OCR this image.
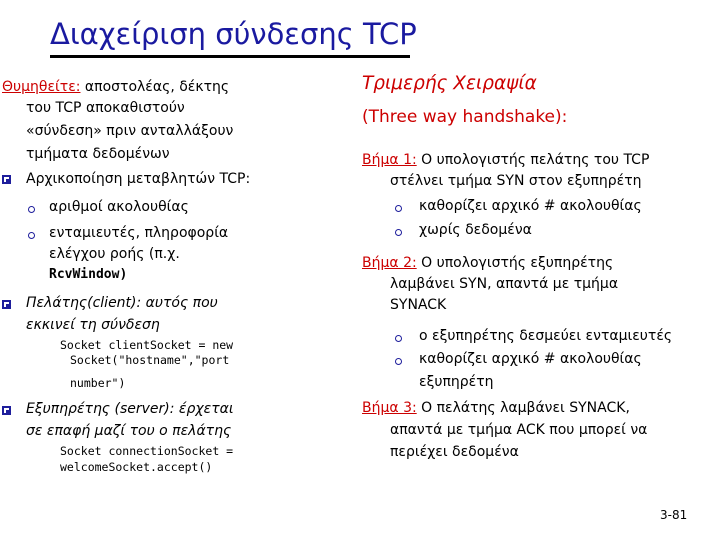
Διαχείριση σύνδεσης TCP
Θυμηθείτε: αποστολέας, δέκτης
του TCP αποκαθιστούν
«σύνδεση» πριν ανταλλάξουν
τμήματα δεδομένων
Αρχικοποίηση μεταβλητών TCP:
αριθμοί ακολουθίας
ενταμιευτές, πληροφορία
ελέγχου ροής (π.χ.
RcvWindow)
Πελάτης(client): αυτός που
εκκινεί τη σύνδεση
Socket clientSocket = new
Socket("hostname","port
number")
Εξυπηρέτης (server): έρχεται
σε επαφή μαζί του ο πελάτης
Socket connectionSocket =
welcomeSocket.accept()
Τριμερής Χειραψία
(Three way handshake):
Βήμα 1: O υπολογιστής πελάτης του TCP
στέλνει τμήμα SYN στον εξυπηρέτη
καθορίζει αρχικό # ακολουθίας
χωρίς δεδομένα
Βήμα 2: O υπολογιστής εξυπηρέτης
λαμβάνει SYN, απαντά με τμήμα
SYNACK
ο εξυπηρέτης δεσμεύει ενταμιευτές
καθορίζει αρχικό # ακολουθίας
εξυπηρέτη
Βήμα 3: Ο πελάτης λαμβάνει SYNACK,
απαντά με τμήμα ACK που μπορεί να
περιέχει δεδομένα
3-81
